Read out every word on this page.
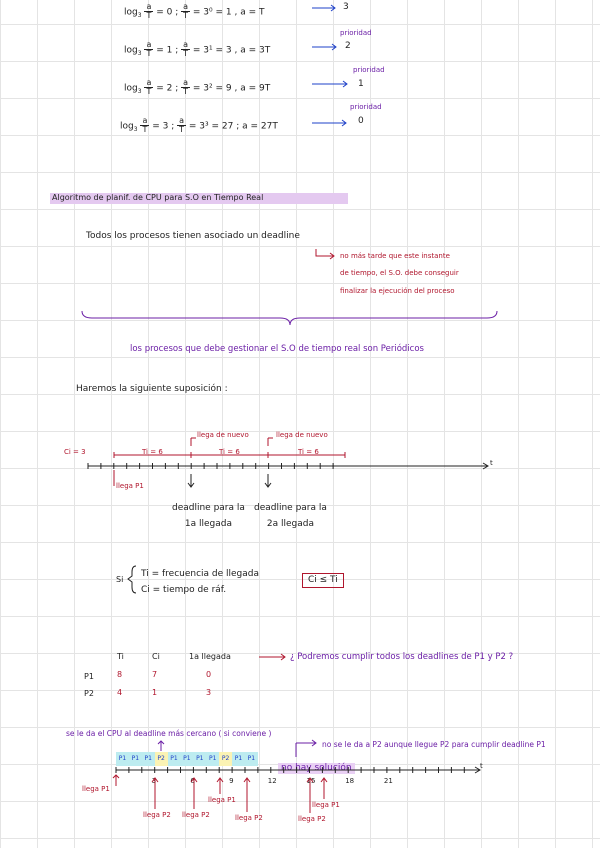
$\log_3 \frac{a}{T} = 0$ ; $\frac{a}{T} = 3^0 = 1$ , a = T
3
$\log_3 \frac{a}{T} = 1$ ; $\frac{a}{T} = 3^1 = 3$ , a = 3T
prioridad
2
$\log_3 \frac{a}{T} = 2$ ; $\frac{a}{T} = 3^2 = 9$ , a = 9T
prioridad
1
$\log_3 \frac{a}{T} = 3$ ; $\frac{a}{T} = 3^3 = 27$ ; a = 27T
prioridad
0
Algoritmo de planif. de CPU para S.O en Tiempo Real
Todos los procesos tienen asociado un deadline
no más tarde que este instante
de tiempo, el S.O. debe conseguir
finalizar la ejecución del proceso
los procesos que debe gestionar el S.O de tiempo real son Periódicos
Haremos la siguiente suposición :
Ci = 3	Ti = 6	Ti = 6	Ti = 6
llega de nuevo	llega de nuevo
llega P1
t
deadline para la
1a llegada
deadline para la
2a llegada
Si
Ti = frecuencia de llegada
Ci = tiempo de ráf.
Ci ≤ Ti
Ti	Ci	1a llegada
P1	8	7	0
P2	4	1	3
¿ Podremos cumplir todos los deadlines de P1 y P2 ?
se le da el CPU al deadline más cercano ( si conviene )
no se le da a P2 aunque llegue P2 para cumplir deadline P1
P1 P1 P1 P2 P1 P1 P1 P1 P2 P1 P1
no hay solución
llega P1
t
3	6	9	12	15	18	21
llega P2 llega P2
llega P1
llega P2	llega P2
llega P1
